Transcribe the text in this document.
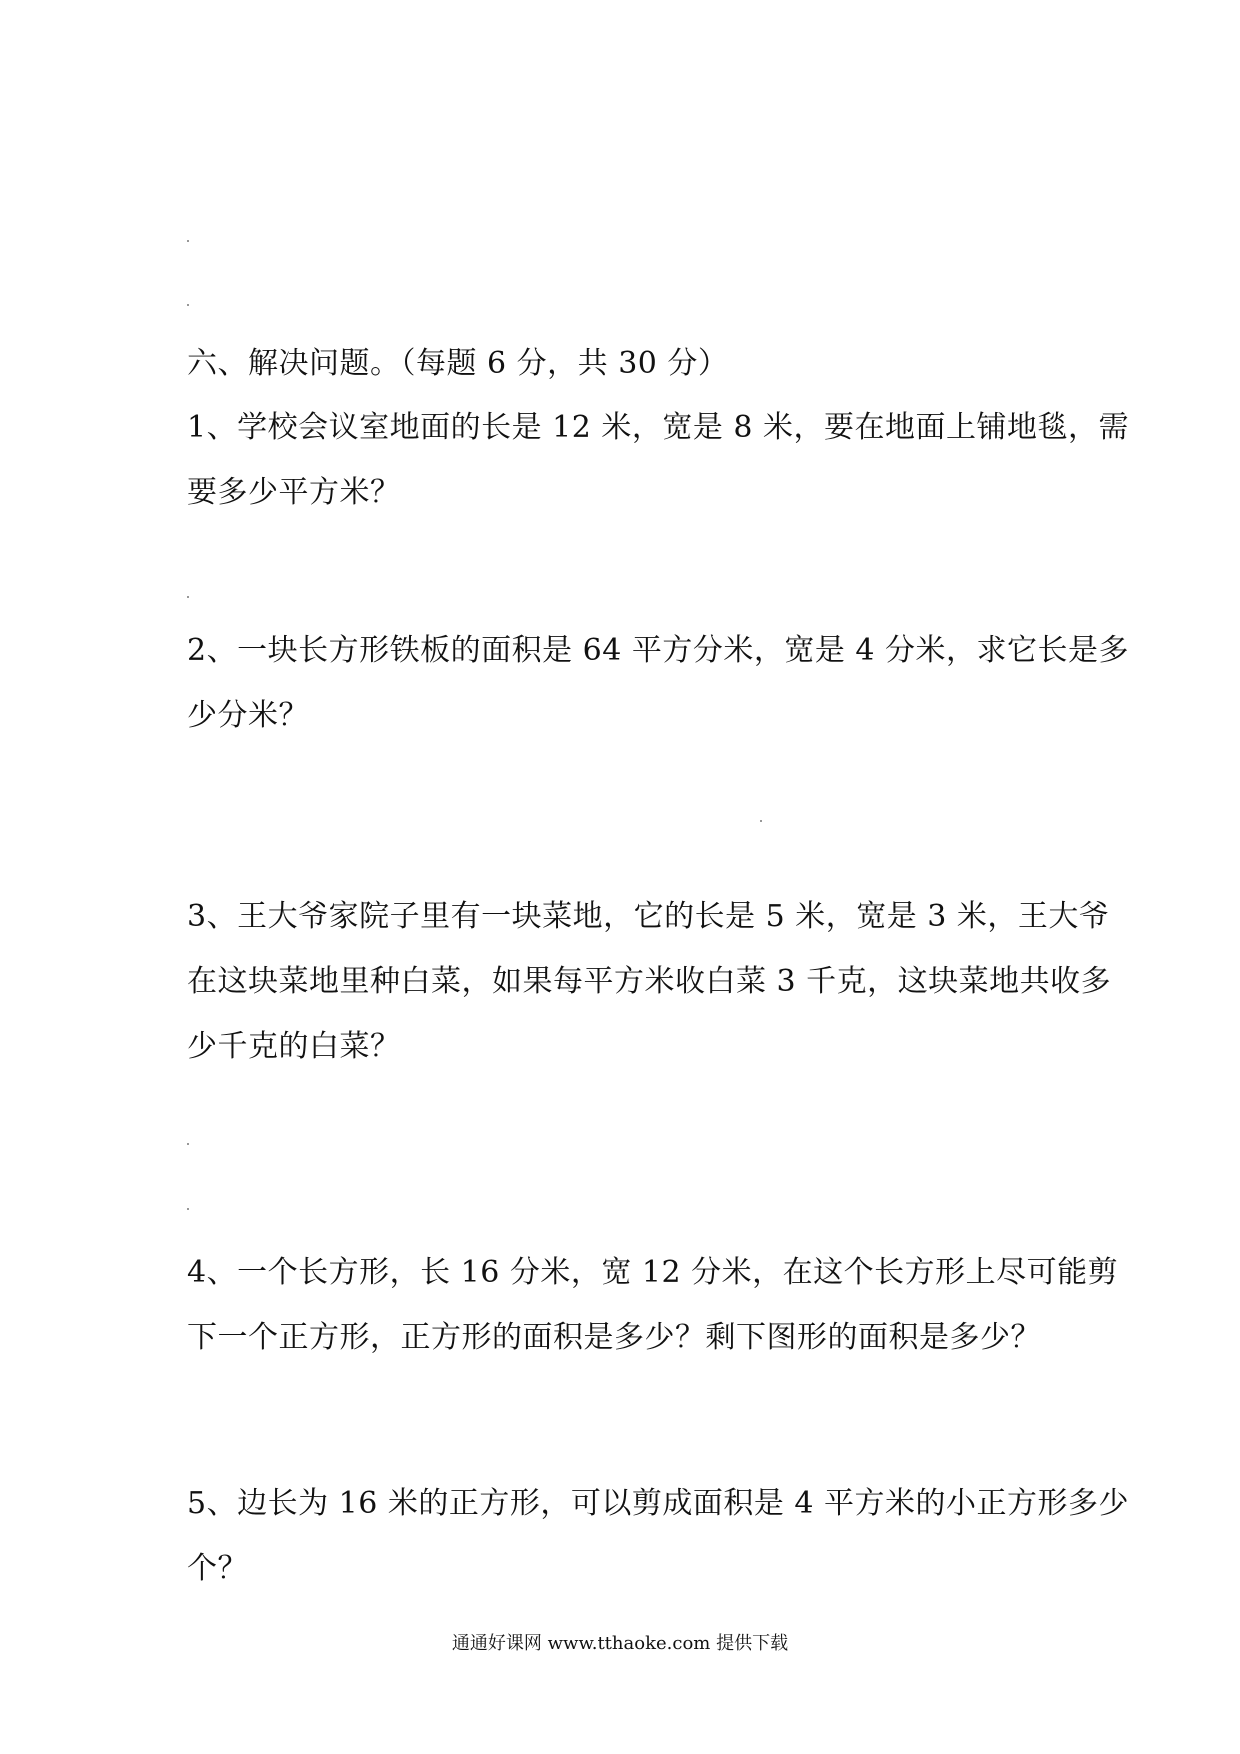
六、解决问题。（每题 6 分，共 30 分）
1、学校会议室地面的长是 12 米，宽是 8 米，要在地面上铺地毯，需
要多少平方米？
2、一块长方形铁板的面积是 64 平方分米，宽是 4 分米，求它长是多
少分米？
3、王大爷家院子里有一块菜地，它的长是 5 米，宽是 3 米，王大爷
在这块菜地里种白菜，如果每平方米收白菜 3 千克，这块菜地共收多
少千克的白菜？
4、一个长方形，长 16 分米，宽 12 分米，在这个长方形上尽可能剪
下一个正方形，正方形的面积是多少？剩下图形的面积是多少？
5、边长为 16 米的正方形，可以剪成面积是 4 平方米的小正方形多少
个？
通通好课网 www.tthaoke.com 提供下载
